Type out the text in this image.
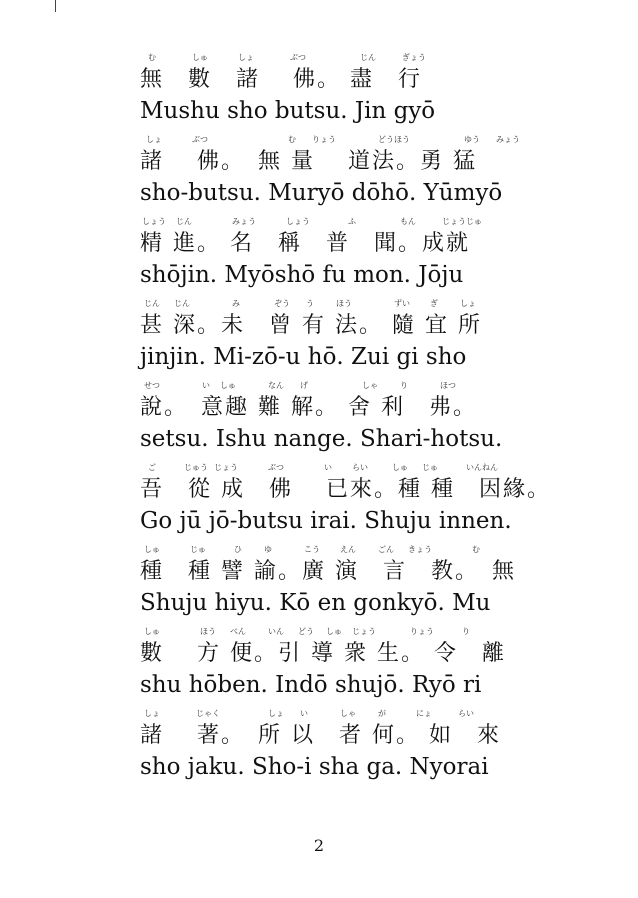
む	しゅ	しょ	ぶつ	じん	ぎょう
無　數　諸　 佛。 盡　行
Mushu sho butsu. Jin gyō
しょ	ぶつ	む りょう	どうほう	ゆう みょう
諸　 佛。　無 量　 道法。勇 猛
sho-butsu. Muryō dōhō. Yūmyō
しょう じん	みょう	しょう	ふ	もん	じょうじゅ
精 進。 名　稱　普　聞。成就
shōjin. Myōshō fu mon. Jōju
じん じん	み	ぞう う	ほう	ずい	ぎ	しょ
甚 深。未　曾 有 法。 隨 宜 所
jinjin. Mi-zō-u hō. Zui gi sho
せつ	い しゅ	なん げ	しゃ	り	ほつ
說。　意趣 難 解。 舍 利　弗。
setsu. Ishu nange. Shari-hotsu.
ご	じゅう じょう	ぶつ	い	らい	しゅ じゅ	いんねん
吾　從 成　佛　 已來。種 種　因緣。
Go jū jō-butsu irai. Shuju innen.
しゅ	じゅ	ひ	ゆ	こう	えん	ごん きょう	む
種　種 譬 諭。廣 演　言　教。　無
Shuju hiyu. Kō en gonkyō. Mu
しゅ	ほう べん	いん どう しゅ じょう	りょう	り
數　 方 便。引 導 衆 生。 令　離
shu hōben. Indō shujō. Ryō ri
しょ	じゃく	しょ い	しゃ	が	にょ	らい
諸　 著。　所 以　者 何。 如　來
sho jaku. Sho-i sha ga. Nyorai
2
